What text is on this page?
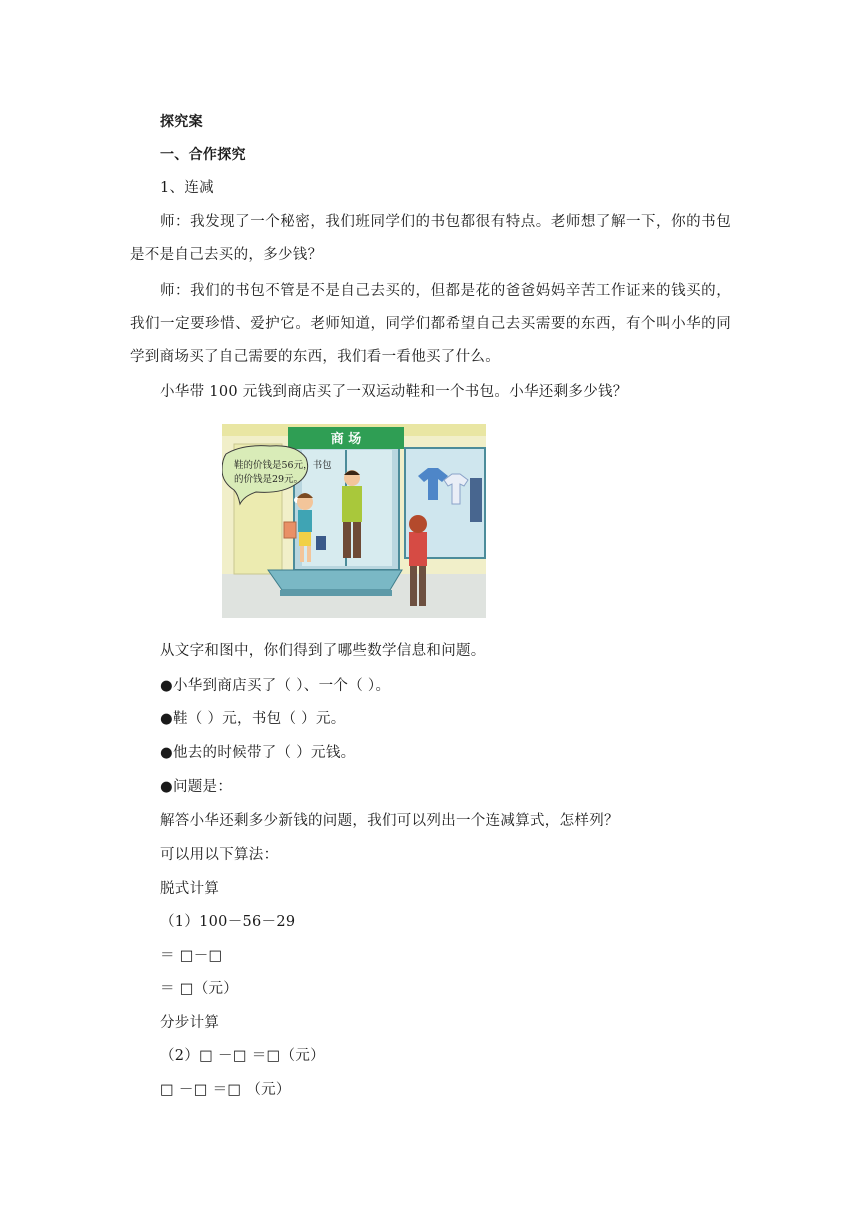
探究案
一、合作探究
1、连减
师：我发现了一个秘密，我们班同学们的书包都很有特点。老师想了解一下，你的书包
是不是自己去买的，多少钱？
师：我们的书包不管是不是自己去买的，但都是花的爸爸妈妈辛苦工作证来的钱买的，
我们一定要珍惜、爱护它。老师知道，同学们都希望自己去买需要的东西，有个叫小华的同
学到商场买了自己需要的东西，我们看一看他买了什么。
小华带 100 元钱到商店买了一双运动鞋和一个书包。小华还剩多少钱？
商 场
鞋的价钱是56元，书包
的价钱是29元。
从文字和图中，你们得到了哪些数学信息和问题。
●小华到商店买了（ ）、一个（ ）。
●鞋（ ）元，书包（ ）元。
●他去的时候带了（ ）元钱。
●问题是：
解答小华还剩多少新钱的问题，我们可以列出一个连减算式，怎样列？
可以用以下算法：
脱式计算
（1）100－56－29
＝ □－□
＝ □（元）
分步计算
（2）□ －□ ＝□（元）
□ －□ ＝□ （元）
